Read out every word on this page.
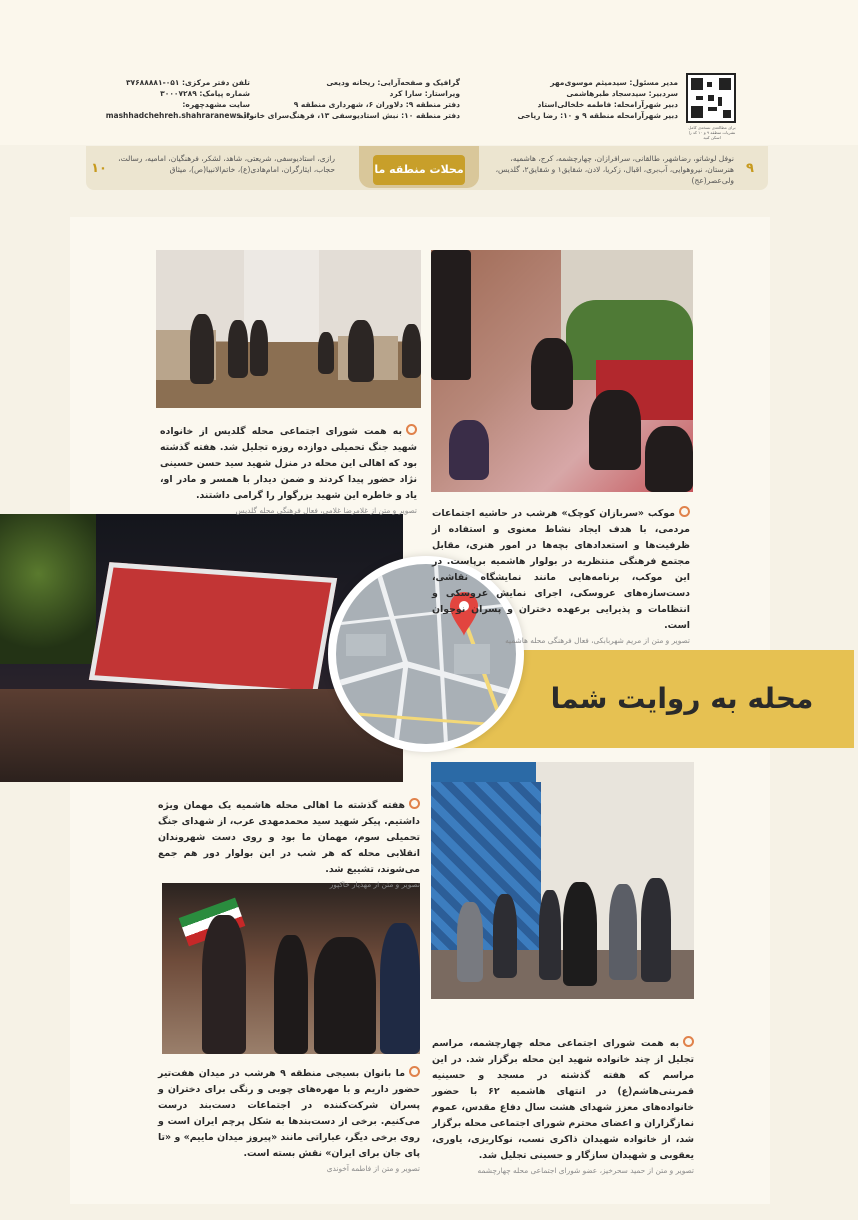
برای مطالعه‌ی نسخه‌ی کامل نشریات منطقه ۹ و ۱۰ کد را اسکن کنید
مدیر مسئول: سیدمیثم موسوی‌مهر
سردبیر: سیدسجاد طبرهاشمی
دبیر شهرآرامحله: فاطمه خلخالی‌استاد
دبیر شهرآرامحله منطقه ۹ و ۱۰: رضا ریاحی
گرافیک و صفحه‌آرایی: ریحانه ودیعی
ویراستار: سارا کرد
دفتر منطقه ۹: دلاوران ۶، شهرداری منطقه ۹
دفتر منطقه ۱۰: نبش استادیوسفی ۱۳، فرهنگ‌سرای خانواده
تلفن دفتر مرکزی: ۰۵۱-۳۷۶۸۸۸۸۱
شماره پیامک: ۳۰۰۰۷۲۸۹
سایت مشهدچهره:
mashhadchehreh.shahraranews.ir
۹
۱۰
نوفل لوشاتو، رضاشهر، طالقانی، سرافرازان، چهارچشمه، کرج، هاشمیه، هنرستان، نیروهوایی، آب‌بری، اقبال، زکریا، لادن، شقایق۱ و شقایق۲، گلدیس، ولی‌عصر(عج)
رازی، استادیوسفی، شریعتی، شاهد، لشکر، فرهنگیان، امامیه، رسالت، حجاب، ایثارگران، امام‌هادی(ع)، خاتم‌الانبیا(ص)، میثاق	محلات منطقه ما
محله به روایت شما
به همت شورای اجتماعی محله گلدیس از خانواده شهید جنگ تحمیلی دوازده روزه تجلیل شد. هفته گذشته بود که اهالی این محله در منزل شهید سید حسن حسینی نژاد حضور پیدا کردند و ضمن دیدار با همسر و مادر او، یاد و خاطره این شهید بزرگوار را گرامی داشتند.
تصویر و متن از غلامرضا غلامی، فعال فرهنگی محله گلدیس موکب «سربازان کوچک» هرشب در حاشیه اجتماعات مردمی، با هدف ایجاد نشاط معنوی و استفاده از ظرفیت‌ها و استعدادهای بچه‌ها در امور هنری، مقابل مجتمع فرهنگی منتظریه در بولوار هاشمیه برپاست. در این موکب، برنامه‌هایی مانند نمایشگاه نقاشی، دست‌سازه‌های عروسکی، اجرای نمایش عروسکی و انتظامات و پذیرایی برعهده دختران و پسران نوجوان است.
تصویر و متن از مریم شهربابکی، فعال فرهنگی محله هاشمیه
هفته گذشته ما اهالی محله هاشمیه یک مهمان ویژه داشتیم. پیکر شهید سید محمدمهدی عرب، از شهدای جنگ تحمیلی سوم، مهمان ما بود و روی دست شهروندان انقلابی محله که هر شب در این بولوار دور هم جمع می‌شوند، تشییع شد.
تصویر و متن از مهدیار خاکپور
ما بانوان بسیجی منطقه ۹ هرشب در میدان هفت‌تیر حضور داریم و با مهره‌های چوبی و رنگی برای دختران و پسران شرکت‌کننده در اجتماعات دست‌بند درست می‌کنیم. برخی از دست‌بندها به شکل پرچم ایران است و روی برخی دیگر، عباراتی مانند «پیروز میدان ماییم» و «تا پای جان برای ایران» نقش بسته است.
تصویر و متن از فاطمه آخوندی
به همت شورای اجتماعی محله چهارچشمه، مراسم تجلیل از چند خانواده شهید این محله برگزار شد. در این مراسم که هفته گذشته در مسجد و حسینیه قمربنی‌هاشم(ع) در انتهای هاشمیه ۶۲ با حضور خانواده‌های معزز شهدای هشت سال دفاع مقدس، عموم نمازگزاران و اعضای محترم شورای اجتماعی محله برگزار شد، از خانواده شهیدان ذاکری نسب، نوکاریزی، یاوری، یعقوبی و شهیدان سازگار و حسینی تجلیل شد.
تصویر و متن از حمید سحرخیز، عضو شورای اجتماعی محله چهارچشمه
